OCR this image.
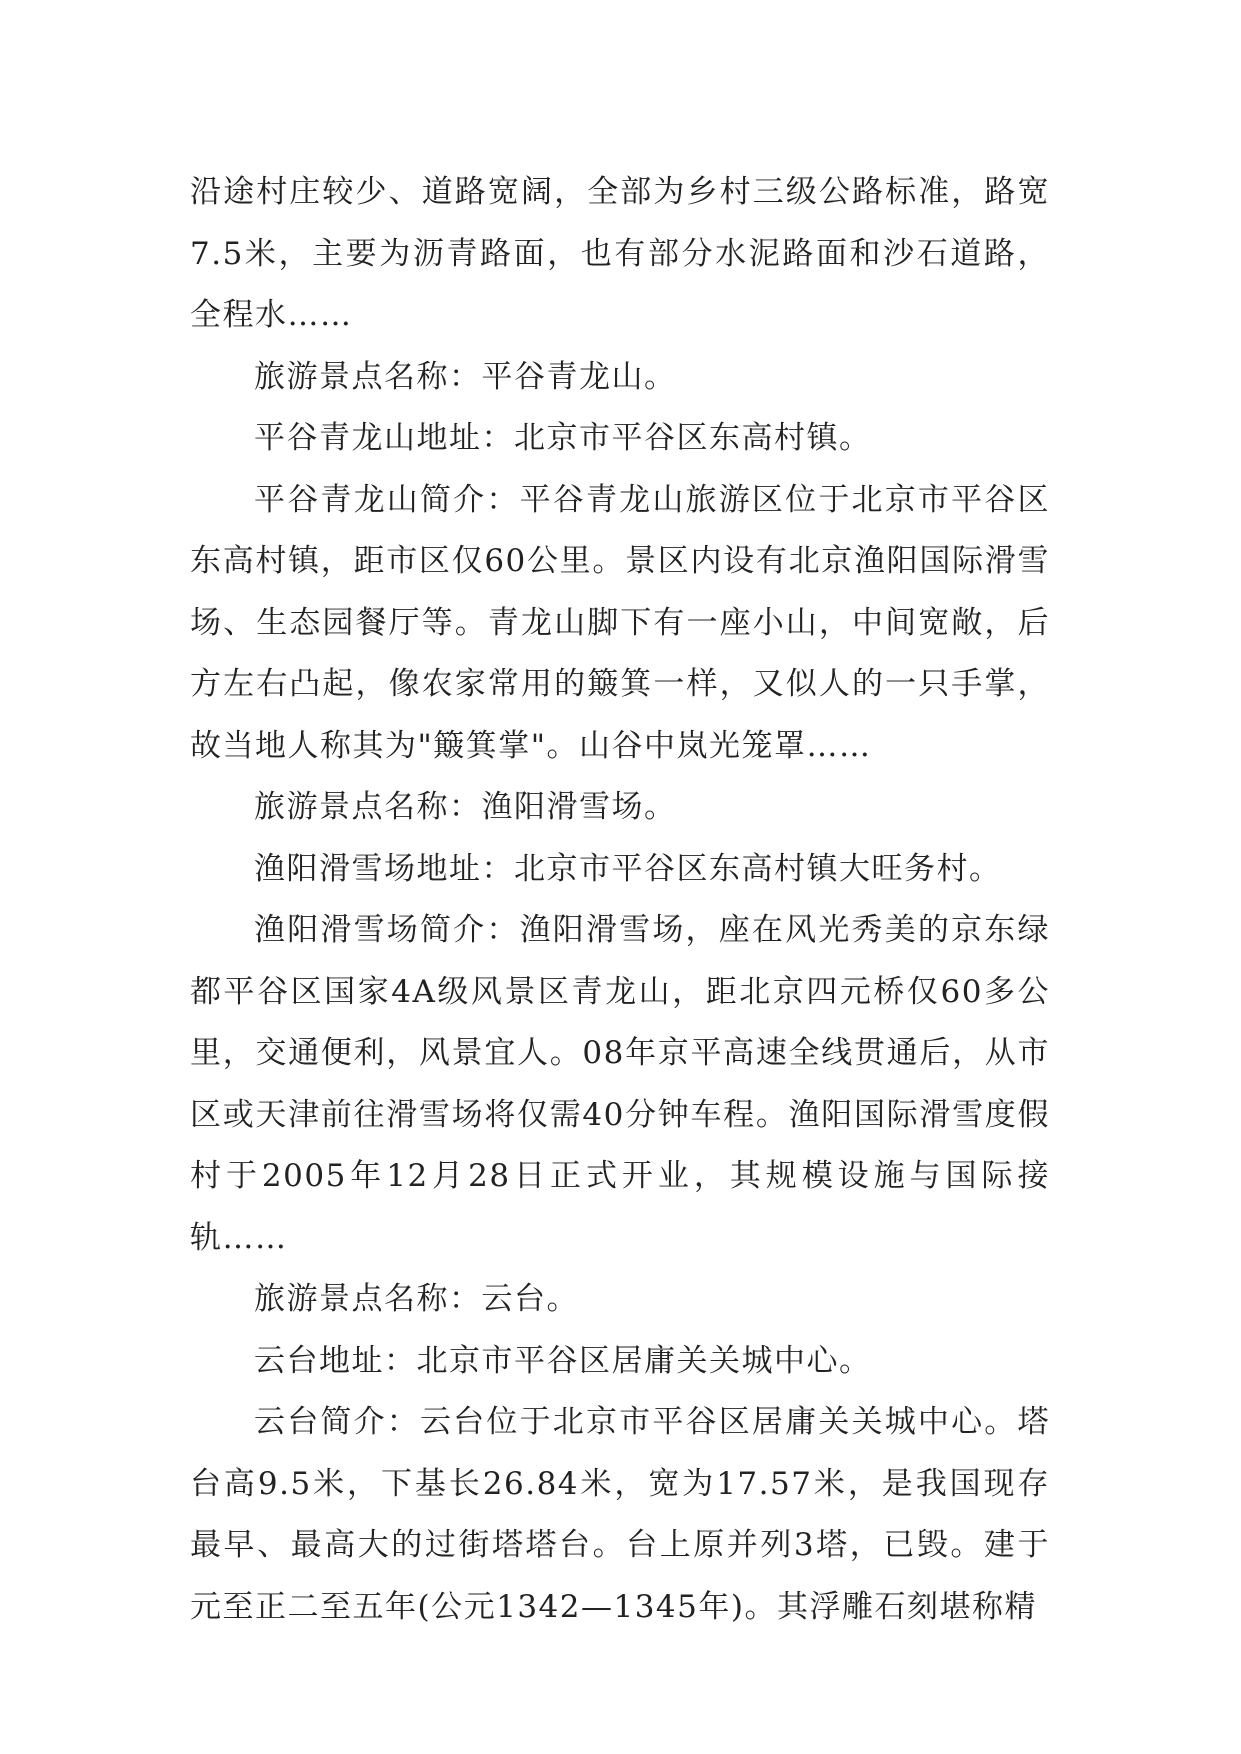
沿途村庄较少、道路宽阔，全部为乡村三级公路标准，路宽7.5米，主要为沥青路面，也有部分水泥路面和沙石道路，全程水……

旅游景点名称：平谷青龙山。

平谷青龙山地址：北京市平谷区东高村镇。

平谷青龙山简介：平谷青龙山旅游区位于北京市平谷区东高村镇，距市区仅60公里。景区内设有北京渔阳国际滑雪场、生态园餐厅等。青龙山脚下有一座小山，中间宽敞，后方左右凸起，像农家常用的簸箕一样，又似人的一只手掌，故当地人称其为"簸箕掌"。山谷中岚光笼罩……

旅游景点名称：渔阳滑雪场。

渔阳滑雪场地址：北京市平谷区东高村镇大旺务村。

渔阳滑雪场简介：渔阳滑雪场，座在风光秀美的京东绿都平谷区国家4A级风景区青龙山，距北京四元桥仅60多公里，交通便利，风景宜人。08年京平高速全线贯通后，从市区或天津前往滑雪场将仅需40分钟车程。渔阳国际滑雪度假村于2005年12月28日正式开业，其规模设施与国际接轨……

旅游景点名称：云台。

云台地址：北京市平谷区居庸关关城中心。

云台简介：云台位于北京市平谷区居庸关关城中心。塔台高9.5米，下基长26.84米，宽为17.57米，是我国现存最早、最高大的过街塔塔台。台上原并列3塔，已毁。建于元至正二至五年(公元1342—1345年)。其浮雕石刻堪称精
